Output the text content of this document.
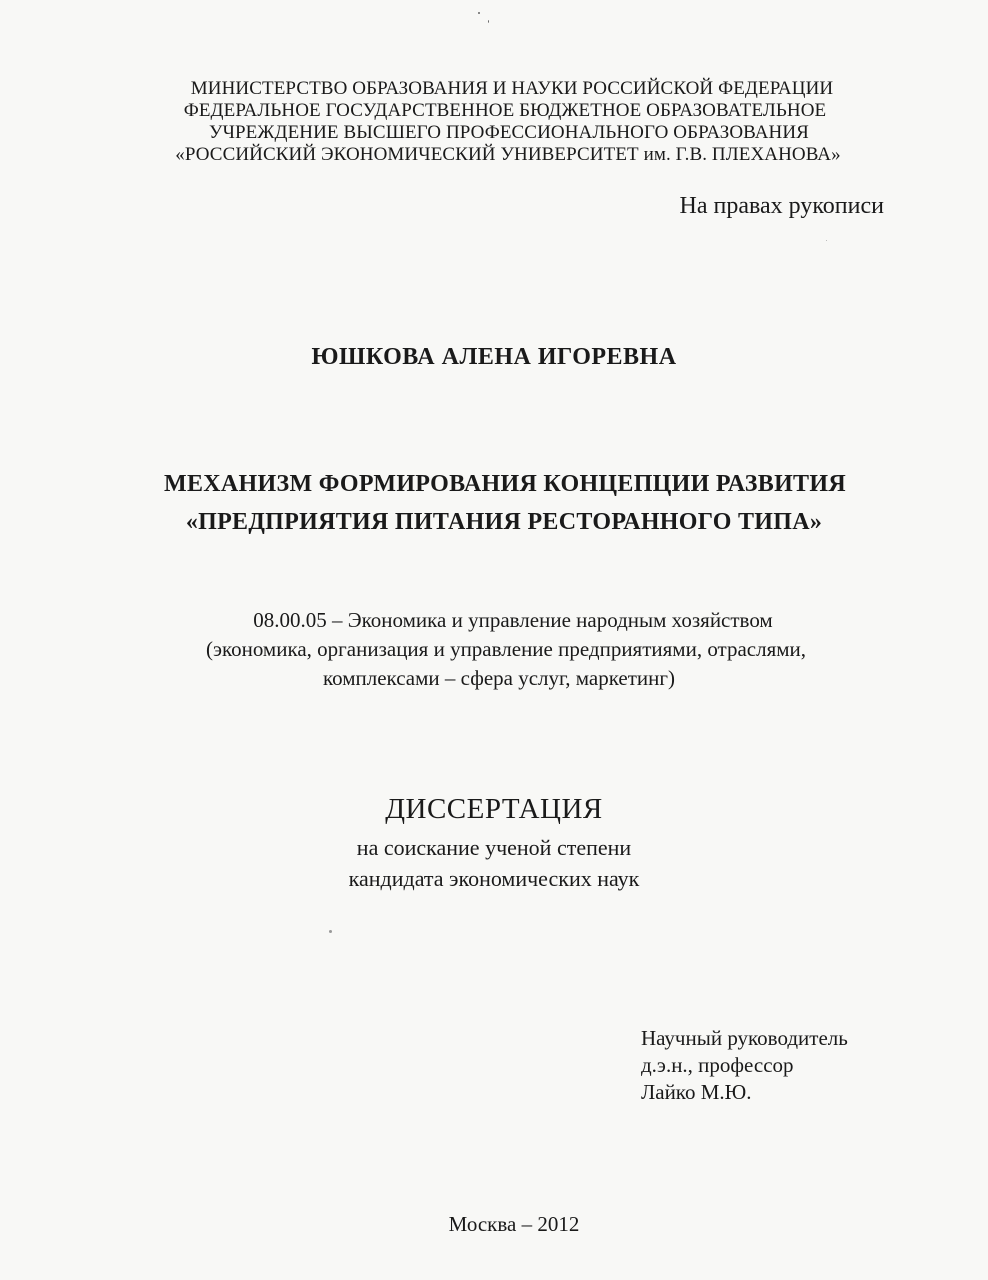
МИНИСТЕРСТВО ОБРАЗОВАНИЯ И НАУКИ РОССИЙСКОЙ ФЕДЕРАЦИИ
ФЕДЕРАЛЬНОЕ ГОСУДАРСТВЕННОЕ БЮДЖЕТНОЕ ОБРАЗОВАТЕЛЬНОЕ
УЧРЕЖДЕНИЕ ВЫСШЕГО ПРОФЕССИОНАЛЬНОГО ОБРАЗОВАНИЯ
«РОССИЙСКИЙ ЭКОНОМИЧЕСКИЙ УНИВЕРСИТЕТ им. Г.В. ПЛЕХАНОВА»
На правах рукописи
ЮШКОВА АЛЕНА ИГОРЕВНА
МЕХАНИЗМ ФОРМИРОВАНИЯ КОНЦЕПЦИИ РАЗВИТИЯ
«ПРЕДПРИЯТИЯ ПИТАНИЯ РЕСТОРАННОГО ТИПА»
08.00.05 – Экономика и управление народным хозяйством
(экономика, организация и управление предприятиями, отраслями,
комплексами – сфера услуг, маркетинг)
ДИССЕРТАЦИЯ
на соискание ученой степени
кандидата экономических наук
Научный руководитель
д.э.н., профессор
Лайко М.Ю.
Москва – 2012
